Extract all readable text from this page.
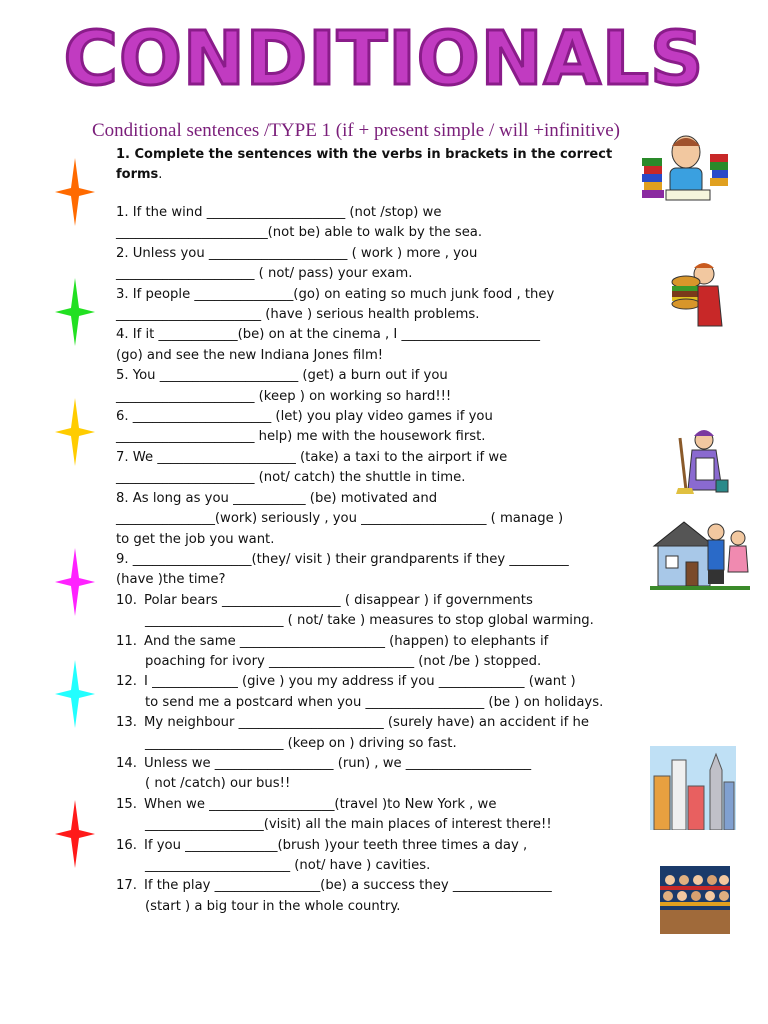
CONDITIONALS
Conditional sentences /TYPE 1 (if + present simple / will +infinitive)
1. Complete the sentences with the verbs in brackets in the correct
forms.
1. If the wind _____________________ (not /stop) we
_______________________(not be) able to walk by the sea.
2. Unless you _____________________ ( work ) more , you
_____________________ ( not/ pass) your exam.
3. If people _______________(go) on eating so much junk food , they
______________________ (have ) serious health problems.
4. If it ____________(be) on at the cinema , I _____________________
(go) and see the new Indiana Jones film!
5. You _____________________ (get) a burn out if you
_____________________ (keep ) on working so hard!!!
6. _____________________ (let) you play video games if you
_____________________ help) me with the housework first.
7. We _____________________ (take) a taxi to the airport if we
_____________________ (not/ catch) the shuttle in time.
8. As long as you ___________ (be) motivated and
_______________(work) seriously , you ___________________ ( manage )
to get the job you want.
9. __________________(they/ visit ) their grandparents if they _________
(have )the time?
10. Polar bears __________________ ( disappear ) if governments
_____________________ ( not/ take ) measures to stop global warming.
11. And the same ______________________ (happen) to elephants if
poaching for ivory ______________________ (not /be ) stopped.
12. I _____________ (give ) you my address if you _____________ (want )
to send me a postcard when you __________________ (be ) on holidays.
13. My neighbour ______________________ (surely have) an accident if he
_____________________ (keep on ) driving so fast.
14. Unless we __________________ (run) , we ___________________
( not /catch) our bus!!
15. When we ___________________(travel )to New York , we
__________________(visit) all the main places of interest there!!
16. If you ______________(brush )your teeth three times a day ,
______________________ (not/ have ) cavities.
17. If the play ________________(be) a success they _______________
(start ) a big tour in the whole country.
